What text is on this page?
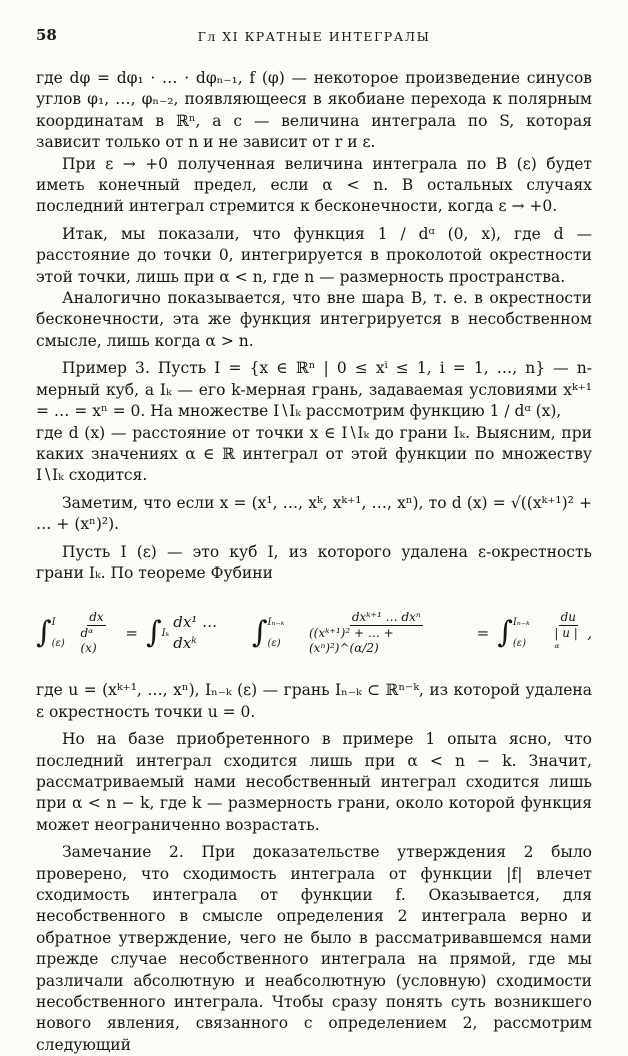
58	Гл XI КРАТНЫЕ ИНТЕГРАЛЫ

где dφ = dφ₁ · … · dφₙ₋₁, f (φ) — некоторое произведение синусов углов φ₁, …, φₙ₋₂, появляющееся в якобиане перехода к полярным координатам в ℝⁿ, а c — величина интеграла по S, которая зависит только от n и не зависит от r и ε.

При ε → +0 полученная величина интеграла по B (ε) будет иметь конечный предел, если α < n. В остальных случаях последний интеграл стремится к бесконечности, когда ε → +0.

Итак, мы показали, что функция 1 / dᵅ (0, x), где d — расстояние до точки 0, интегрируется в проколотой окрестности этой точки, лишь при α < n, где n — размерность пространства.

Аналогично показывается, что вне шара B, т. е. в окрестности бесконечности, эта же функция интегрируется в несобственном смысле, лишь когда α > n.

Пример 3. Пусть I = {x ∈ ℝⁿ | 0 ≤ xⁱ ≤ 1, i = 1, …, n} — n-мерный куб, а Iₖ — его k-мерная грань, задаваемая условиями xᵏ⁺¹ = … = xⁿ = 0. На множестве I∖Iₖ рассмотрим функцию 1 / dᵅ (x),

где d (x) — расстояние от точки x ∈ I∖Iₖ до грани Iₖ. Выясним, при каких значениях α ∈ ℝ интеграл от этой функции по множеству I∖Iₖ сходится.

Заметим, что если x = (x¹, …, xᵏ, xᵏ⁺¹, …, xⁿ), то d (x) = √((xᵏ⁺¹)² + … + (xⁿ)²).

Пусть I (ε) — это куб I, из которого удалена ε-окрестность грани Iₖ. По теореме Фубини

∫ I (ε)	$\frac{dx}{\text{dᵅ (x)}}$ = ∫ Iₖ
dx¹ … dxᵏ	∫ Iₙ₋ₖ (ε)	$\frac{\text{dxᵏ⁺¹ … dxⁿ}}{\text{((xᵏ⁺¹)² + … + (xⁿ)²)\textasciicircum{}(α/2)}}$ = ∫ Iₙ₋ₖ (ε)	$\frac{du}{\text{| u |ᵅ}}$ ,

где u = (xᵏ⁺¹, …, xⁿ), Iₙ₋ₖ (ε) — грань Iₙ₋ₖ ⊂ ℝⁿ⁻ᵏ, из которой удалена ε окрестность точки u = 0.

Но на базе приобретенного в примере 1 опыта ясно, что последний интеграл сходится лишь при α < n − k. Значит, рассматриваемый нами несобственный интеграл сходится лишь при α < n − k, где k — размерность грани, около которой функция может неограниченно возрастать.

Замечание 2. При доказательстве утверждения 2 было проверено, что сходимость интеграла от функции |f| влечет сходимость интеграла от функции f. Оказывается, для несобственного в смысле определения 2 интеграла верно и обратное утверждение, чего не было в рассматривавшемся нами прежде случае несобственного интеграла на прямой, где мы различали абсолютную и неабсолютную (условную) сходимости несобственного интеграла. Чтобы сразу понять суть возникшего нового явления, связанного с определением 2, рассмотрим следующий
